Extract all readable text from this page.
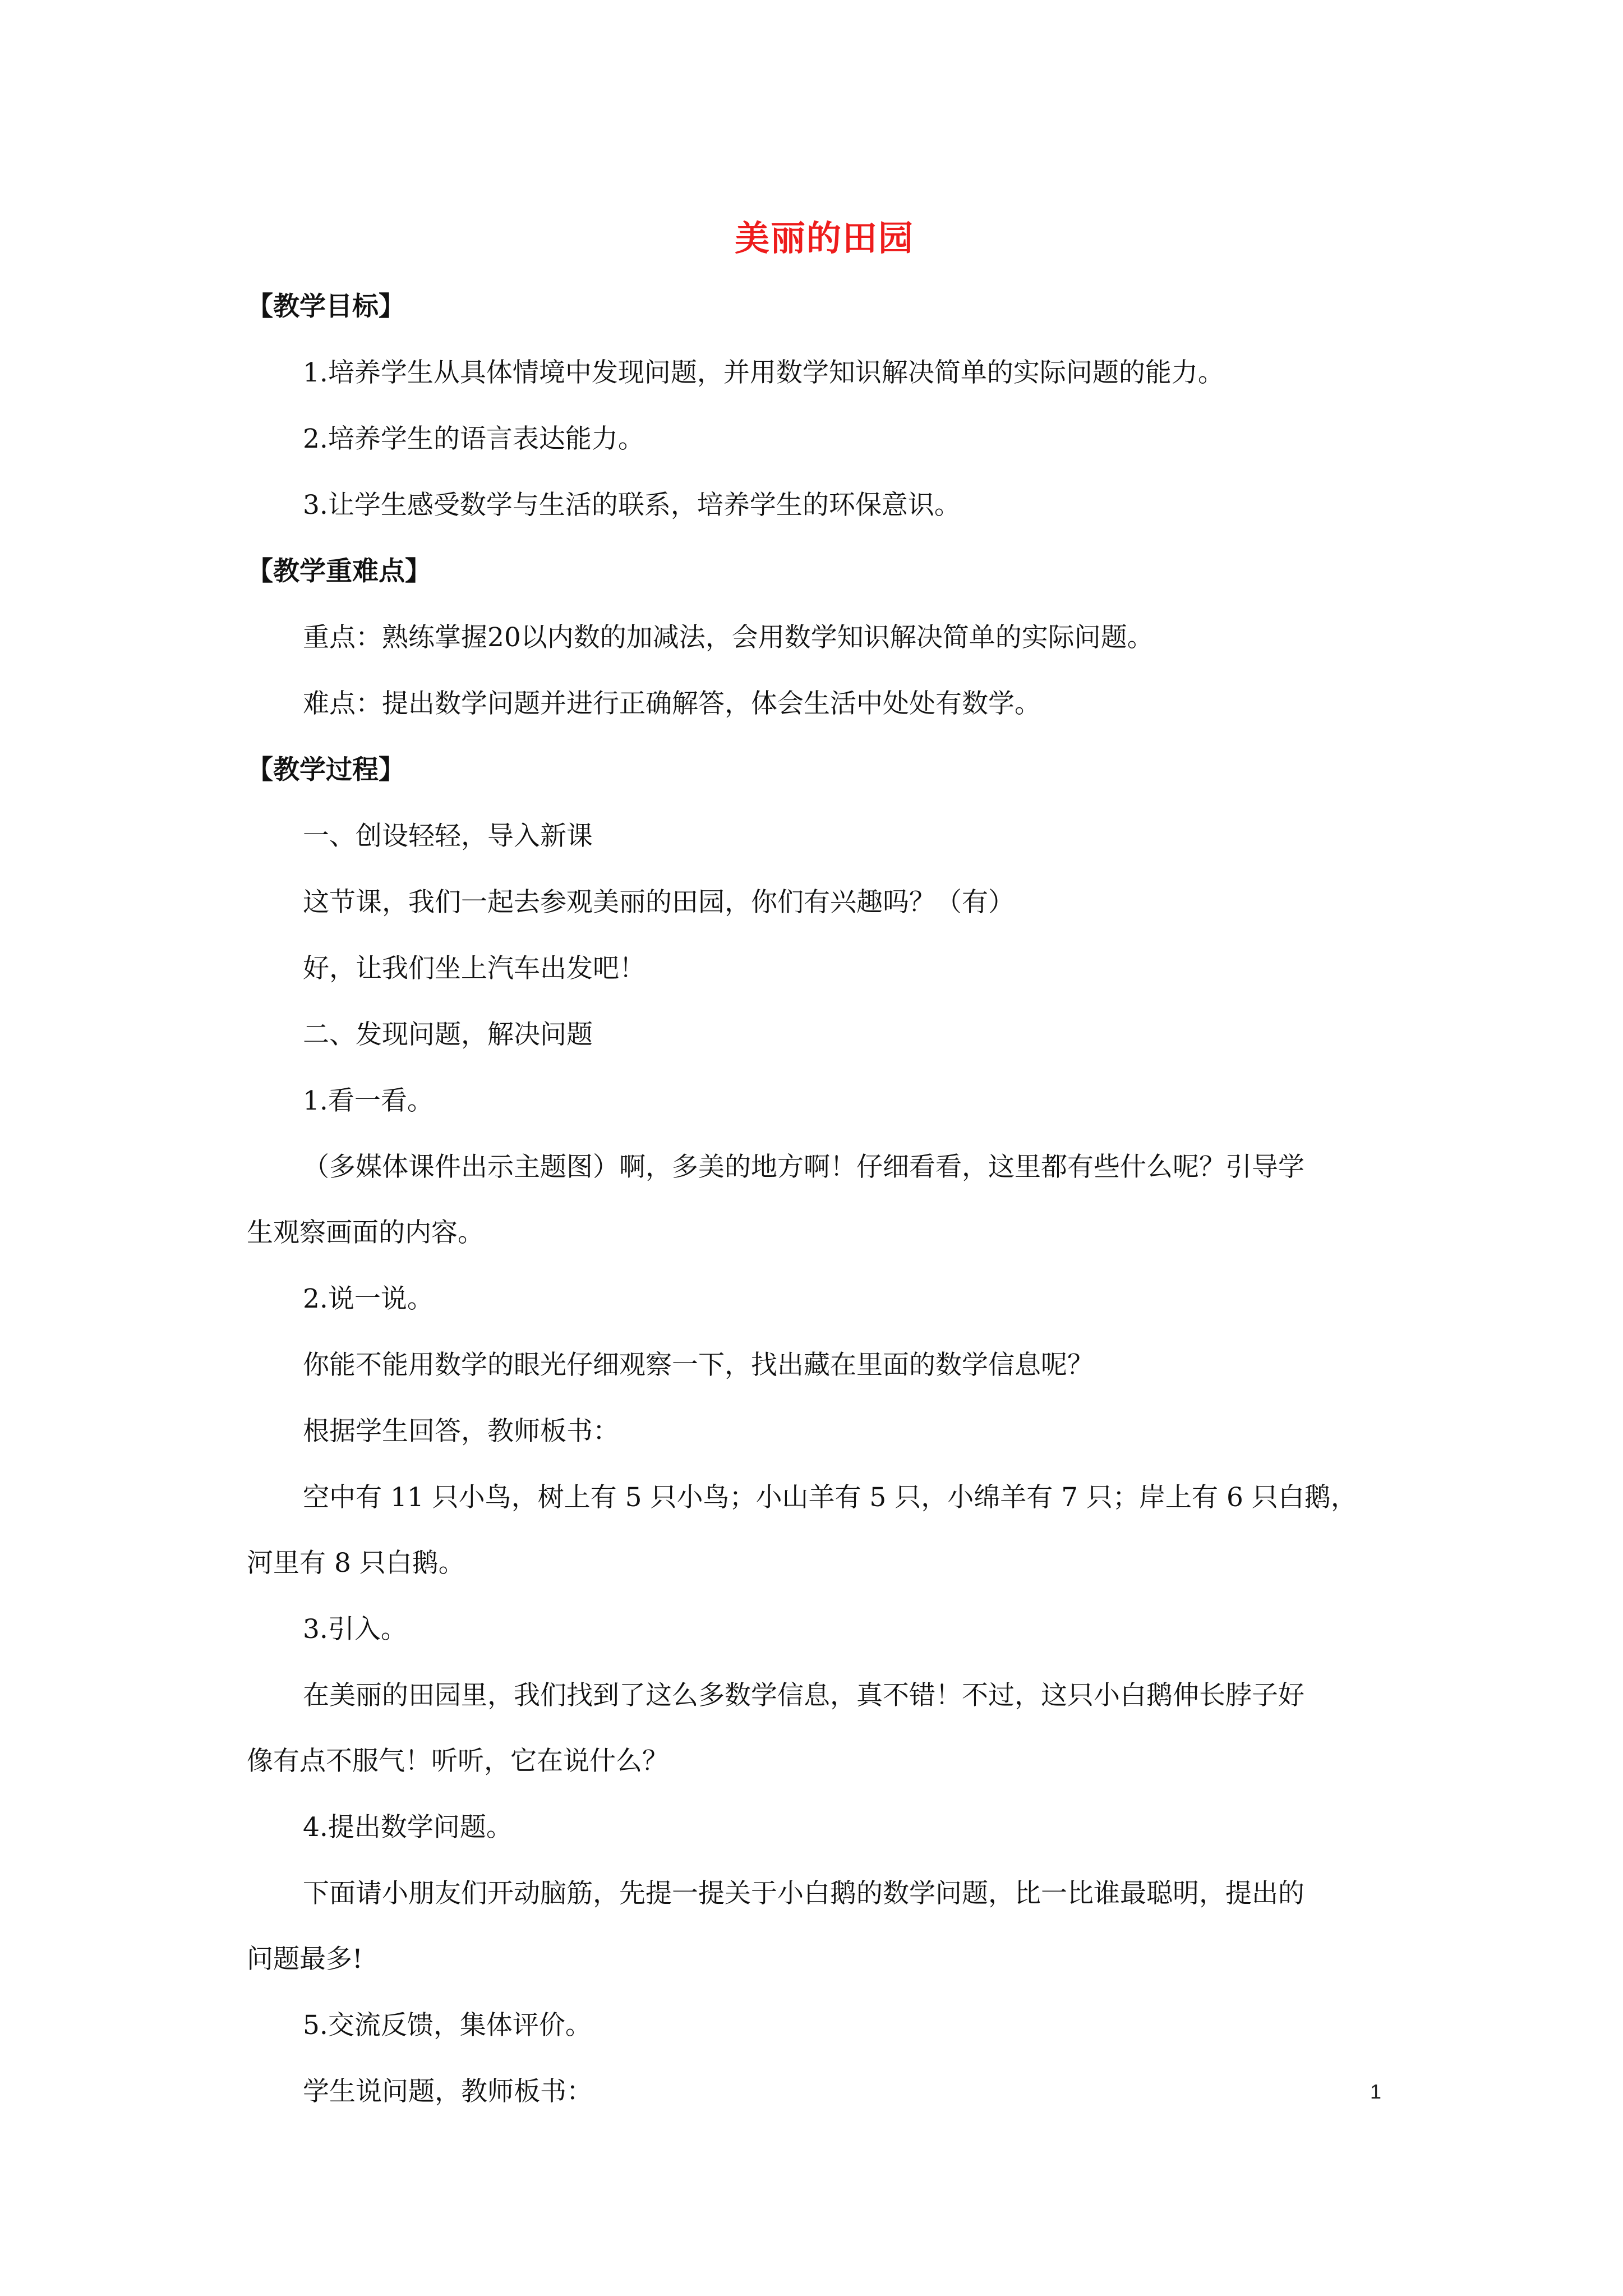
美丽的田园
【教学目标】
1.培养学生从具体情境中发现问题，并用数学知识解决简单的实际问题的能力。
2.培养学生的语言表达能力。
3.让学生感受数学与生活的联系，培养学生的环保意识。
【教学重难点】
重点：熟练掌握20以内数的加减法，会用数学知识解决简单的实际问题。
难点：提出数学问题并进行正确解答，体会生活中处处有数学。
【教学过程】
一、创设轻轻，导入新课
这节课，我们一起去参观美丽的田园，你们有兴趣吗？（有）
好，让我们坐上汽车出发吧！
二、发现问题，解决问题
1.看一看。
（多媒体课件出示主题图）啊，多美的地方啊！仔细看看，这里都有些什么呢？引导学
生观察画面的内容。
2.说一说。
你能不能用数学的眼光仔细观察一下，找出藏在里面的数学信息呢？
根据学生回答，教师板书：
空中有 11 只小鸟，树上有 5 只小鸟；小山羊有 5 只，小绵羊有 7 只；岸上有 6 只白鹅，
河里有 8 只白鹅。
3.引入。
在美丽的田园里，我们找到了这么多数学信息，真不错！不过，这只小白鹅伸长脖子好
像有点不服气！听听，它在说什么？
4.提出数学问题。
下面请小朋友们开动脑筋，先提一提关于小白鹅的数学问题，比一比谁最聪明，提出的
问题最多!
5.交流反馈，集体评价。
学生说问题，教师板书：	1
